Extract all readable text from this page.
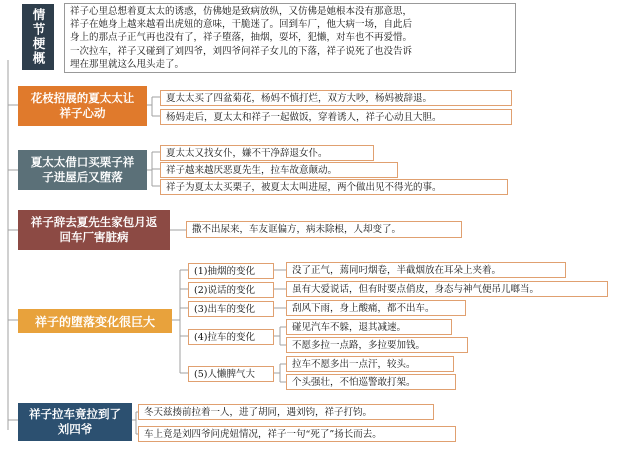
情节梗概	祥子心里总想着夏太太的诱惑，仿佛她是致病放纵，又仿佛是她根本没有那意思，
祥子在她身上越来越看出虎妞的意味，干脆迷了。回到车厂，他大病一场，自此后
身上的那点子正气再也没有了，祥子堕落，抽烟，耍坏，犯懒，对车也不再爱惜。
一次拉车，祥子又碰到了刘四爷，刘四爷问祥子女儿的下落，祥子说死了也没告诉
埋在那里就这么甩头走了。
花枝招展的夏太太让祥子心动
夏太太买了四盆菊花，杨妈不慎打烂，双方大吵，杨妈被辞退。
杨妈走后，夏太太和祥子一起做饭，穿着诱人，祥子心动且大胆。
夏太太借口买栗子祥子进屋后又堕落
夏太太又找女仆，嫌不干净辞退女仆。
祥子越来越厌恶夏先生，拉车故意颠动。
祥子为夏太太买栗子，被夏太太叫进屋，两个做出见不得光的事。
祥子辞去夏先生家包月返回车厂害脏病
撒不出尿来，车友诓偏方，病未除根，人却变了。
祥子的堕落变化很巨大
(1)抽烟的变化	没了正气，蔫同叼烟卷，半截烟放在耳朵上夹着。
(2)说话的变化	虽有大爱说话，但有时要点俏皮，身态与神气便吊儿啷当。
(3)出车的变化	刮风下雨，身上酸痛，都不出车。
(4)拉车的变化
碰见汽车不躲，退其减速。
不愿多拉一点路，多拉要加钱。
(5)人懒脾气大
拉车不愿多出一点汗，较头。
个头强壮，不怕巡警敢打架。
祥子拉车竟拉到了刘四爷
冬天兹揍前拉着一人，进了胡同，遇刘钧，祥子打钧。
车上竟是刘四爷问虎妞情况，祥子一句“死了”扬长而去。
